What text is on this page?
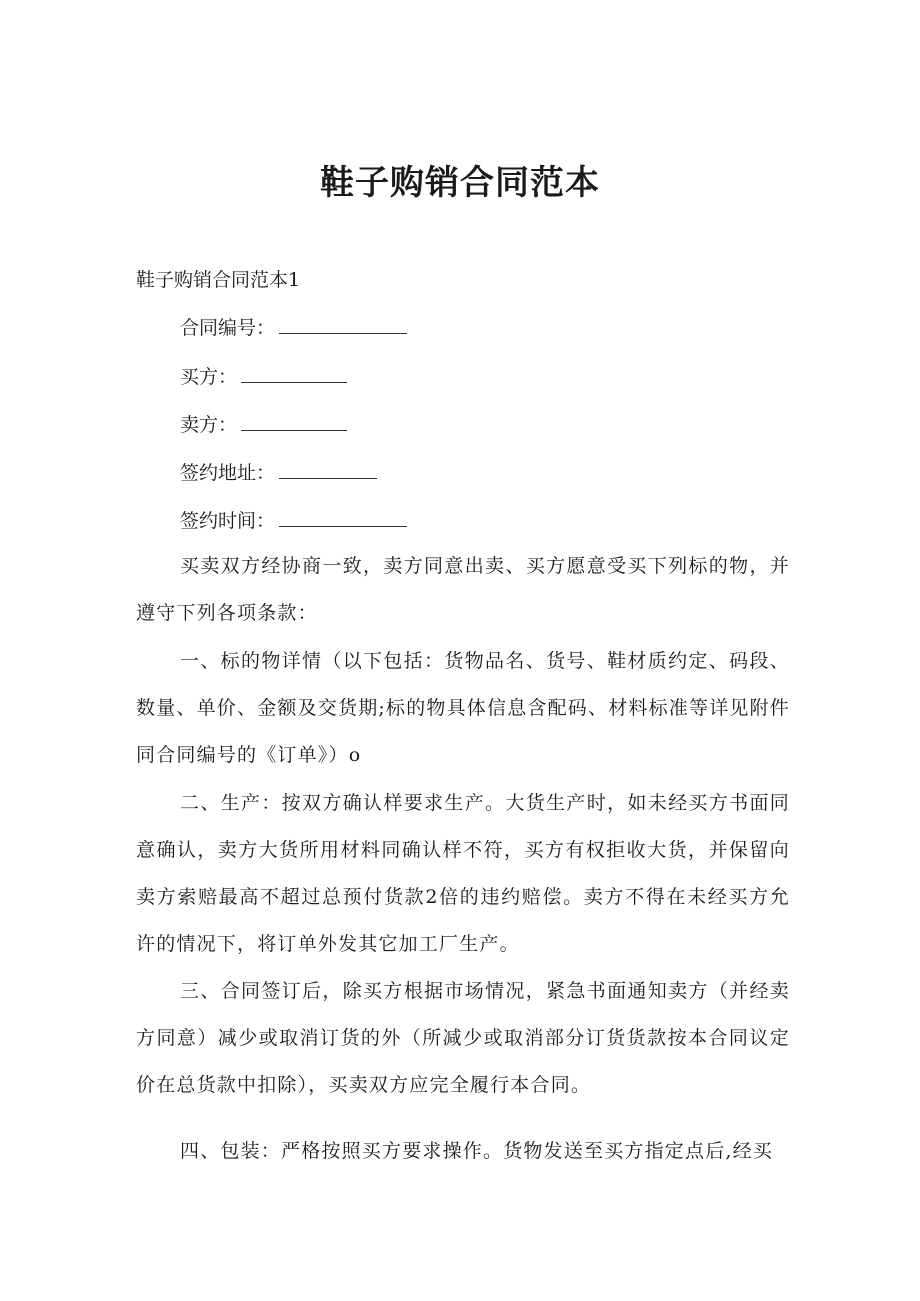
鞋子购销合同范本
鞋子购销合同范本1
合同编号：
买方：
卖方：
签约地址：
签约时间：
买卖双方经协商一致，卖方同意出卖、买方愿意受买下列标的物，并遵守下列各项条款：
一、标的物详情（以下包括：货物品名、货号、鞋材质约定、码段、数量、单价、金额及交货期;标的物具体信息含配码、材料标准等详见附件同合同编号的《订单》）o
二、生产：按双方确认样要求生产。大货生产时，如未经买方书面同意确认，卖方大货所用材料同确认样不符，买方有权拒收大货，并保留向卖方索赔最高不超过总预付货款2倍的违约赔偿。卖方不得在未经买方允许的情况下，将订单外发其它加工厂生产。
三、合同签订后，除买方根据市场情况，紧急书面通知卖方（并经卖方同意）减少或取消订货的外（所减少或取消部分订货货款按本合同议定价在总货款中扣除），买卖双方应完全履行本合同。
四、包装：严格按照买方要求操作。货物发送至买方指定点后,经买
